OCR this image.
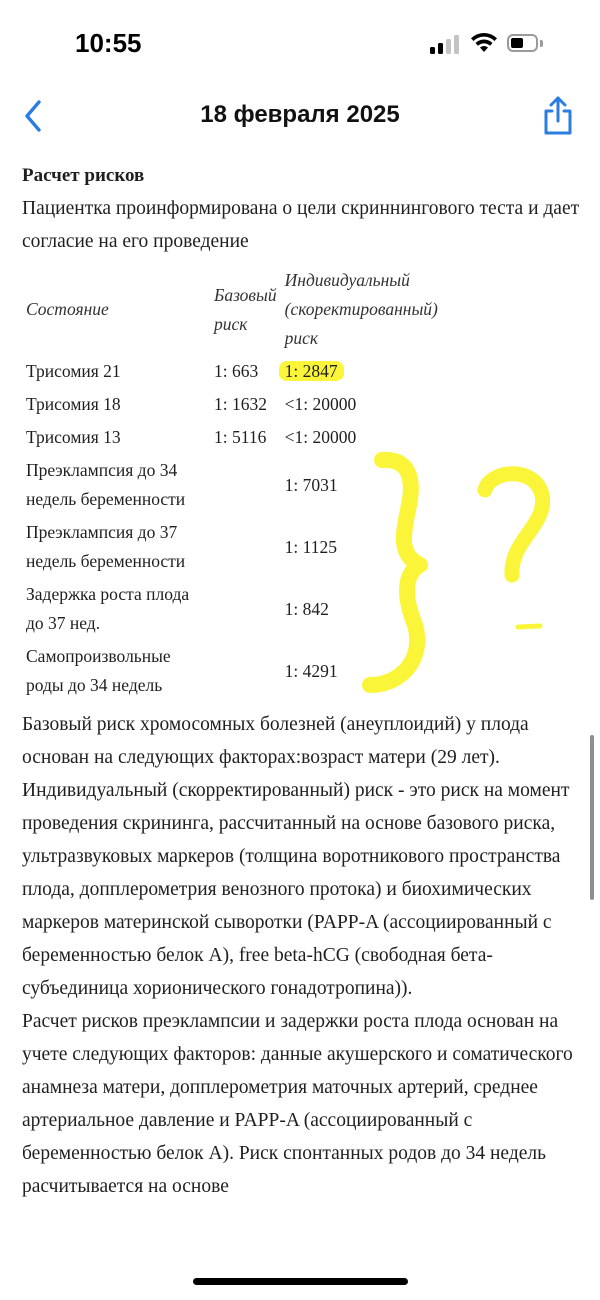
10:55
18 февраля 2025

Расчет рисков

Пациентка проинформирована о цели скриннингового теста и дает согласие на его проведение

Состояние	Базовый риск	Индивидуальный (скоректированный) риск
Трисомия 21	1: 663	1: 2847
Трисомия 18	1: 1632	<1: 20000
Трисомия 13	1: 5116	<1: 20000
Преэклампсия до 34 недель беременности		1: 7031
Преэклампсия до 37 недель беременности		1: 1125
Задержка роста плода до 37 нед.		1: 842
Самопроизвольные роды до 34 недель		1: 4291

Базовый риск хромосомных болезней (анеуплоидий) у плода основан на следующих факторах:возраст матери (29 лет). Индивидуальный (скорректированный) риск - это риск на момент проведения скрининга, рассчитанный на основе базового риска, ультразвуковых маркеров (толщина воротникового пространства плода, допплерометрия венозного протока) и биохимических маркеров материнской сыворотки (PAPP-A (ассоциированный с беременностью белок А), free beta-hCG (свободная бета-субъединица хорионического гонадотропина)).

Расчет рисков преэклампсии и задержки роста плода основан на учете следующих факторов: данные акушерского и соматического анамнеза матери, допплерометрия маточных артерий, среднее артериальное давление и PAPP-A (ассоциированный с беременностью белок А). Риск спонтанных родов до 34 недель расчитывается на основе
